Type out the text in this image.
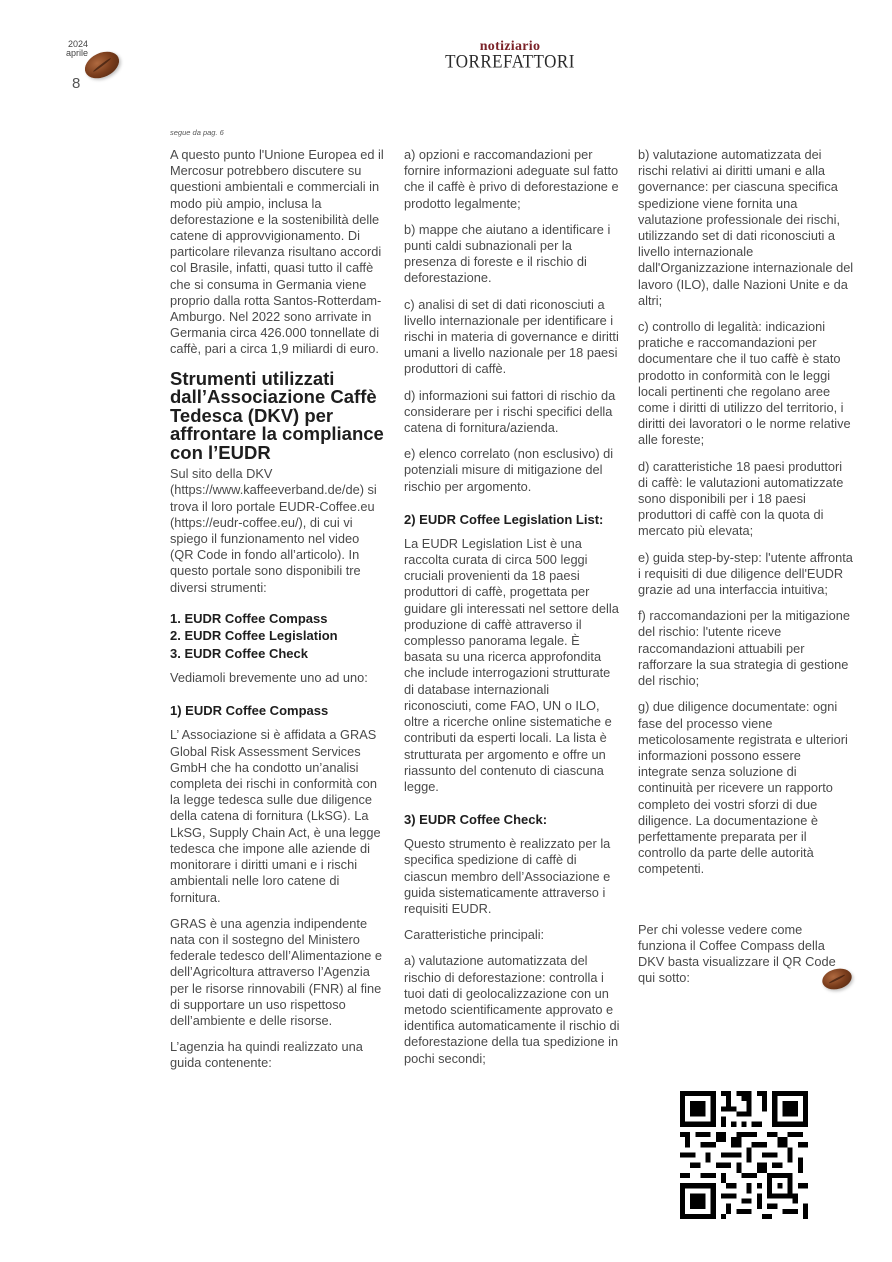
2024
aprile
8
notiziario
TORREFATTORI
segue da pag. 6

A questo punto l'Unione Europea ed il Mercosur potrebbero discutere su questioni ambientali e commerciali in modo più ampio, inclusa la deforestazione e la sostenibilità delle catene di approvvigionamento. Di particolare rilevanza risultano accordi col Brasile, infatti, quasi tutto il caffè che si consuma in Germania viene proprio dalla rotta Santos-Rotterdam-Amburgo. Nel 2022 sono arrivate in Germania circa 426.000 tonnellate di caffè, pari a circa 1,9 miliardi di euro.

Strumenti utilizzati dall’Associazione Caffè Tedesca (DKV) per affrontare la compliance con l’EUDR

Sul sito della DKV (https://www.kaffeeverband.de/de) si trova il loro portale EUDR-Coffee.eu (https://eudr-coffee.eu/), di cui vi spiego il funzionamento nel video (QR Code in fondo all’articolo). In questo portale sono disponibili tre diversi strumenti:

1. EUDR Coffee Compass
2. EUDR Coffee Legislation
3. EUDR Coffee Check

Vediamoli brevemente uno ad uno:

1) EUDR Coffee Compass

L’ Associazione si è affidata a GRAS Global Risk Assessment Services GmbH che ha condotto un’analisi completa dei rischi in conformità con la legge tedesca sulle due diligence della catena di fornitura (LkSG). La LkSG, Supply Chain Act, è una legge tedesca che impone alle aziende di monitorare i diritti umani e i rischi ambientali nelle loro catene di fornitura.

GRAS è una agenzia indipendente nata con il sostegno del Ministero federale tedesco dell’Alimentazione e dell’Agricoltura attraverso l’Agenzia per le risorse rinnovabili (FNR) al fine di supportare un uso rispettoso dell’ambiente e delle risorse.

L’agenzia ha quindi realizzato una guida contenente:

a) opzioni e raccomandazioni per fornire informazioni adeguate sul fatto che il caffè è privo di deforestazione e prodotto legalmente;

b) mappe che aiutano a identificare i punti caldi subnazionali per la presenza di foreste e il rischio di deforestazione.

c) analisi di set di dati riconosciuti a livello internazionale per identificare i rischi in materia di governance e diritti umani a livello nazionale per 18 paesi produttori di caffè.

d) informazioni sui fattori di rischio da considerare per i rischi specifici della catena di fornitura/azienda.

e) elenco correlato (non esclusivo) di potenziali misure di mitigazione del rischio per argomento.

2) EUDR Coffee Legislation List:

La EUDR Legislation List è una raccolta curata di circa 500 leggi cruciali provenienti da 18 paesi produttori di caffè, progettata per guidare gli interessati nel settore della produzione di caffè attraverso il complesso panorama legale. È basata su una ricerca approfondita che include interrogazioni strutturate di database internazionali riconosciuti, come FAO, UN o ILO, oltre a ricerche online sistematiche e contributi da esperti locali. La lista è strutturata per argomento e offre un riassunto del contenuto di ciascuna legge.

3) EUDR Coffee Check:

Questo strumento è realizzato per la specifica spedizione di caffè di ciascun membro dell’Associazione e guida sistematicamente attraverso i requisiti EUDR.

Caratteristiche principali:

a) valutazione automatizzata del rischio di deforestazione: controlla i tuoi dati di geolocalizzazione con un metodo scientificamente approvato e identifica automaticamente il rischio di deforestazione della tua spedizione in pochi secondi;

b) valutazione automatizzata dei rischi relativi ai diritti umani e alla governance: per ciascuna specifica spedizione viene fornita una valutazione professionale dei rischi, utilizzando set di dati riconosciuti a livello internazionale dall'Organizzazione internazionale del lavoro (ILO), dalle Nazioni Unite e da altri;

c) controllo di legalità: indicazioni pratiche e raccomandazioni per documentare che il tuo caffè è stato prodotto in conformità con le leggi locali pertinenti che regolano aree come i diritti di utilizzo del territorio, i diritti dei lavoratori o le norme relative alle foreste;

d) caratteristiche 18 paesi produttori di caffè: le valutazioni automatizzate sono disponibili per i 18 paesi produttori di caffè con la quota di mercato più elevata;

e) guida step-by-step: l'utente affronta i requisiti di due diligence dell'EUDR grazie ad una interfaccia intuitiva;

f) raccomandazioni per la mitigazione del rischio: l'utente riceve raccomandazioni attuabili per rafforzare la sua strategia di gestione del rischio;

g) due diligence documentate: ogni fase del processo viene meticolosamente registrata e ulteriori informazioni possono essere integrate senza soluzione di continuità per ricevere un rapporto completo dei vostri sforzi di due diligence. La documentazione è perfettamente preparata per il controllo da parte delle autorità competenti.

Per chi volesse vedere come funziona il Coffee Compass della DKV basta visualizzare il QR Code qui sotto:
